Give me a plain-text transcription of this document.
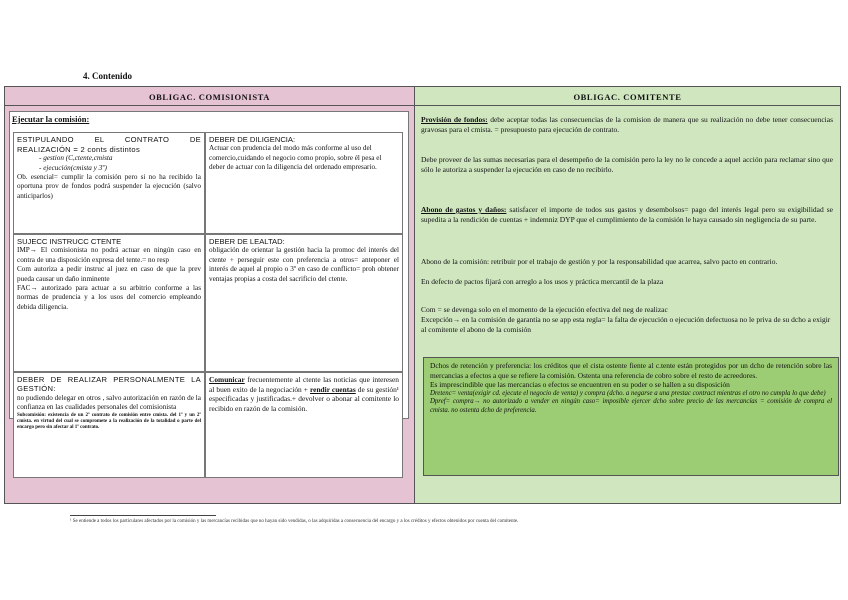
4. Contenido
OBLIGAC. COMISIONISTA
Ejecutar la comisión:
ESTIPULANDO EL CONTRATO DE REALIZACIÓN = 2 conts distintos
- gestion (C,ctente,cmista
- ejecución(cmista y 3º)
Ob. esencial= cumplir la comisión pero si no ha recibido la oportuna prov de fondos podrá suspender la ejecución (salvo anticiparlos)
DEBER DE DILIGENCIA:
Actuar con prudencia del modo más conforme al uso del comercio,cuidando el negocio como propio, sobre él pesa el deber de actuar con la diligencia del ordenado empresario.
SUJECC INSTRUCC CTENTE
IMP→ El comisionista no podrá actuar en ningún caso en contra de una disposición expresa del tente.= no resp
Com autoriza a pedir instruc al juez en caso de que la prev pueda causar un daño inminente
FAC→ autorizado para actuar a su arbitrio conforme a las normas de prudencia y a los usos del comercio empleando debida diligencia.
DEBER DE LEALTAD:
obligación de orientar la gestión hacia la promoc del interés del ctente + perseguir este con preferencia a otros= anteponer el interés de aquel al propio o 3º en caso de conflicto= proh obtener ventajas propias a costa del sacrificio del ctente.
DEBER DE REALIZAR PERSONALMENTE LA GESTIÓN:
no pudiendo delegar en otros , salvo autorización en razón de la confianza en las cualidades personales del comisionista
Subcomisión: existencia de un 2º contrato de comisión entre cmista. del 1º y un 2º cmista. en virtud del cual se compromete a la realización de la totalidad o parte del encargo pero sin afectar al 1º contrato.
Comunicar frecuentemente al ctente las noticias que interesen al buen exito de la negociación + rendir cuentas de su gestión¹ especificadas y justificadas.+ devolver o abonar al comitente lo recibido en razón de la comisión.
OBLIGAC. COMITENTE
Provisión de fondos: debe aceptar todas las consecuencias de la comision de manera que su realización no debe tener consecuencias gravosas para el cmista. = presupuesto para ejecución de contrato.
Debe proveer de las sumas necesarias para el desempeño de la comisión pero la ley no le concede a aquel acción para reclamar sino que sólo le autoriza a suspender la ejecución en caso de no recibirlo.
Abono de gastos y daños: satisfacer el importe de todos sus gastos y desembolsos= pago del interés legal pero su exigibilidad se supedita a la rendición de cuentas + indemniz DYP que el cumplimiento de la comisión le haya causado sin negligencia de su parte.
Abono de la comisión: retribuir por el trabajo de gestión y por la responsabilidad que acarrea, salvo pacto en contrario.
En defecto de pactos fijará con arreglo a los usos y práctica mercantil de la plaza
Com = se devenga solo en el momento de la ejecución efectiva del neg de realizac
Excepción→ en la comisión de garantía no se app esta regla= la falta de ejecución o ejecución defectuosa no le priva de su dcho a exigir al comitente el abono de la comisión
Dchos de retención y preferencia: los créditos que el cista ostente fiente al c.tente están protegidos por un dcho de retención sobre las mercancias a efectos a que se refiere la comisión. Ostenta una referencia de cobro sobre el resto de acreedores.
Es imprescindible que las mercancias o efectos se encuentren en su poder o se hallen a su disposición
Dretenc= venta(exigir cd. ejecute el negocio de venta) y compra (dcho. a negarse a una prestac contract mientras el otro no cumpla lo que debe)
Dpref= compra→ no autorizado a vender en ningún caso= imposible ejercer dcho sobre precio de las mercancías = comisión de compra el cmista. no ostenta dcho de preferencia.
¹ Se entiende a todos los particulares afectados por la comisión y las mercancías recibidas que no hayan sido vendidas, o las adquiridas a consecuencia del encargo y a los créditos y efectos obtenidos por cuenta del comitente.
